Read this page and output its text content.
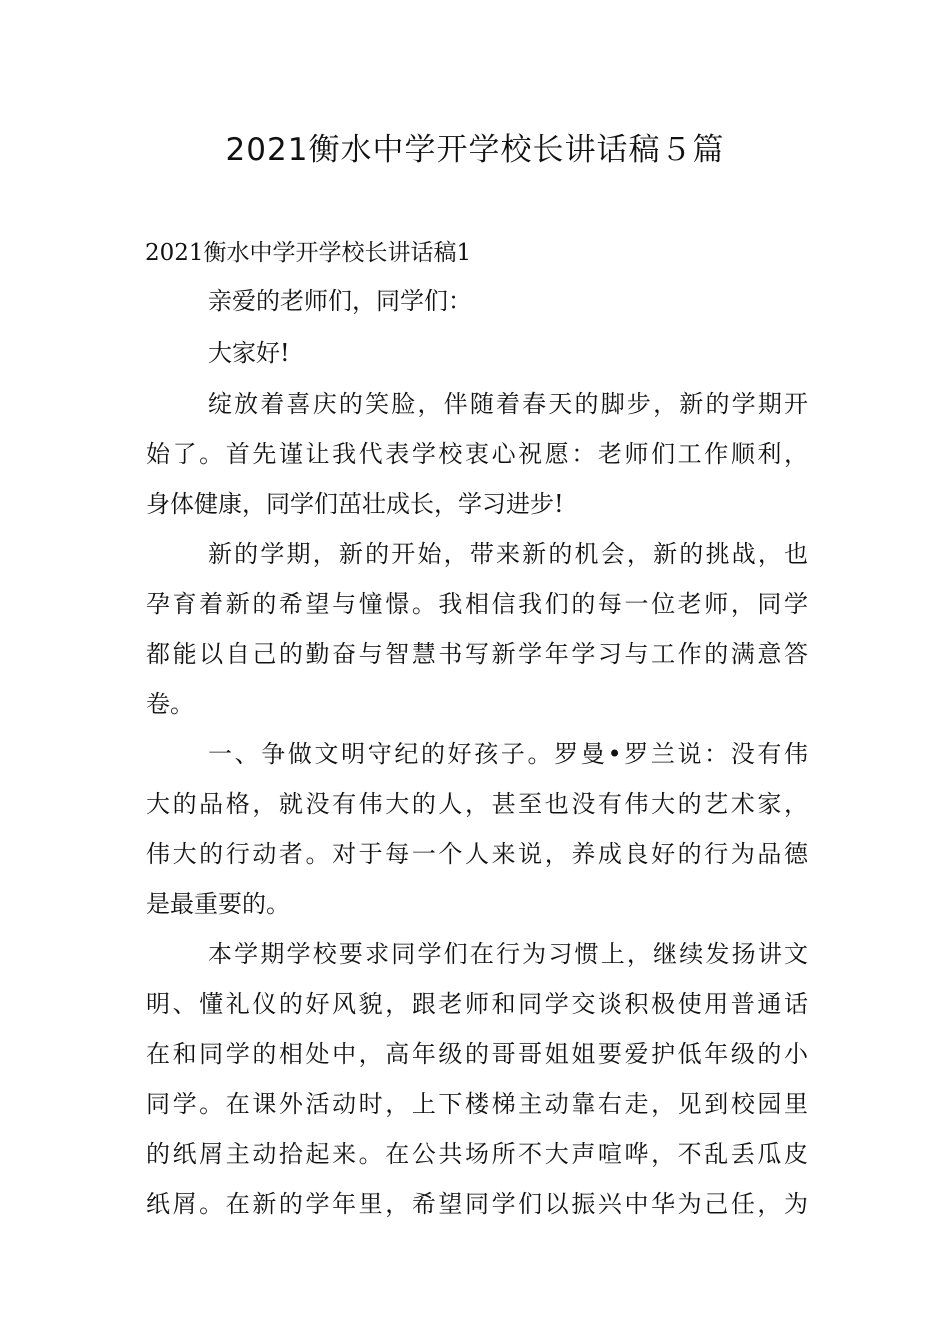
2021衡水中学开学校长讲话稿５篇
2021衡水中学开学校长讲话稿1
亲爱的老师们，同学们：
大家好!
绽放着喜庆的笑脸，伴随着春天的脚步，新的学期开
始了。首先谨让我代表学校衷心祝愿：老师们工作顺利，
身体健康，同学们茁壮成长，学习进步!
新的学期，新的开始，带来新的机会，新的挑战，也
孕育着新的希望与憧憬。我相信我们的每一位老师，同学
都能以自己的勤奋与智慧书写新学年学习与工作的满意答
卷。
一、争做文明守纪的好孩子。罗曼•罗兰说：没有伟
大的品格，就没有伟大的人，甚至也没有伟大的艺术家，
伟大的行动者。对于每一个人来说，养成良好的行为品德
是最重要的。
本学期学校要求同学们在行为习惯上，继续发扬讲文
明、懂礼仪的好风貌，跟老师和同学交谈积极使用普通话
在和同学的相处中，高年级的哥哥姐姐要爱护低年级的小
同学。在课外活动时，上下楼梯主动靠右走，见到校园里
的纸屑主动拾起来。在公共场所不大声喧哗，不乱丢瓜皮
纸屑。在新的学年里，希望同学们以振兴中华为己任，为
